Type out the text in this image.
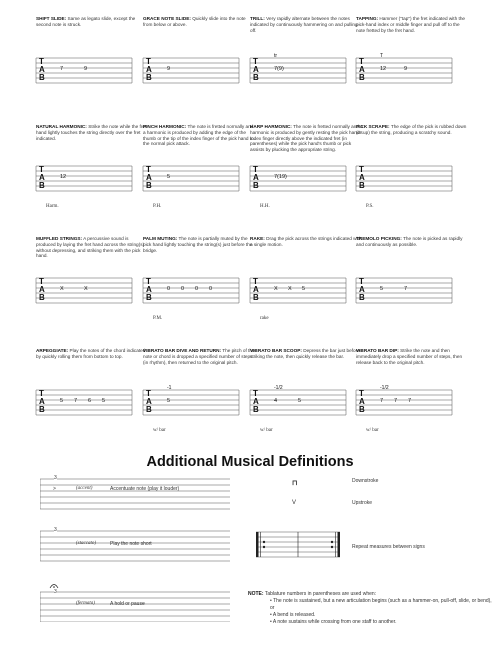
SHIFT SLIDE: Same as legato slide, except the second note is struck.
T
A
B
7	9
GRACE NOTE SLIDE: Quickly slide into the note from below or above.
T
A
B
9
TRILL: Very rapidly alternate between the notes indicated by continuously hammering on and pulling off.
T
A
B
7(9)
tr
TAPPING: Hammer ("tap") the fret indicated with the pick-hand index or middle finger and pull off to the note fretted by the fret hand.
T
A
B
12	9
T
NATURAL HARMONIC: Strike the note while the fret-hand lightly touches the string directly over the fret indicated.
T
A
B
12
Harm.
PINCH HARMONIC: The note is fretted normally and a harmonic is produced by adding the edge of the thumb or the tip of the index finger of the pick hand to the normal pick attack.
T
A
B
5
P.H.
HARP HARMONIC: The note is fretted normally and a harmonic is produced by gently resting the pick hand's index finger directly above the indicated fret (in parentheses) while the pick hand's thumb or pick assists by plucking the appropriate string.
T
A
B
7(19)
H.H.
PICK SCRAPE: The edge of the pick is rubbed down (or up) the string, producing a scratchy sound.
T
A
B
P.S.
MUFFLED STRINGS: A percussive sound is produced by laying the fret hand across the string(s) without depressing, and striking them with the pick hand.
T
A
B
X	X
PALM MUTING: The note is partially muted by the pick hand lightly touching the string(s) just before the bridge.
T
A
B
0 0 0 0
P.M.
RAKE: Drag the pick across the strings indicated with a single motion.
T
A
B
X X 5
rake
TREMOLO PICKING: The note is picked as rapidly and continuously as possible.
T
A
B
5	7
ARPEGGIATE: Play the notes of the chord indicated by quickly rolling them from bottom to top.
T
A
B
5 7 6 5
VIBRATO BAR DIVE AND RETURN: The pitch of the note or chord is dropped a specified number of steps (in rhythm), then returned to the original pitch.
T
A
B
5
-1
w/ bar
VIBRATO BAR SCOOP: Depress the bar just before striking the note, then quickly release the bar.
T
A
B
4	5
-1/2
w/ bar
VIBRATO BAR DIP: Strike the note and then immediately drop a specified number of steps, then release back to the original pitch.
T
A
B
7 7 7
-1/2
w/ bar
Additional Musical Definitions
3
(accent)	Accentuate note (play it louder)
>
3
(staccato)	Play the note short
3
(fermata)	A hold or pause
⊓	Downstroke
V	Upstroke
Repeat measures between signs
NOTE: Tablature numbers in parentheses are used when:
• The note is sustained, but a new articulation begins (such as a hammer-on, pull-off, slide, or bend), or
• A bend is released.
• A note sustains while crossing from one staff to another.
